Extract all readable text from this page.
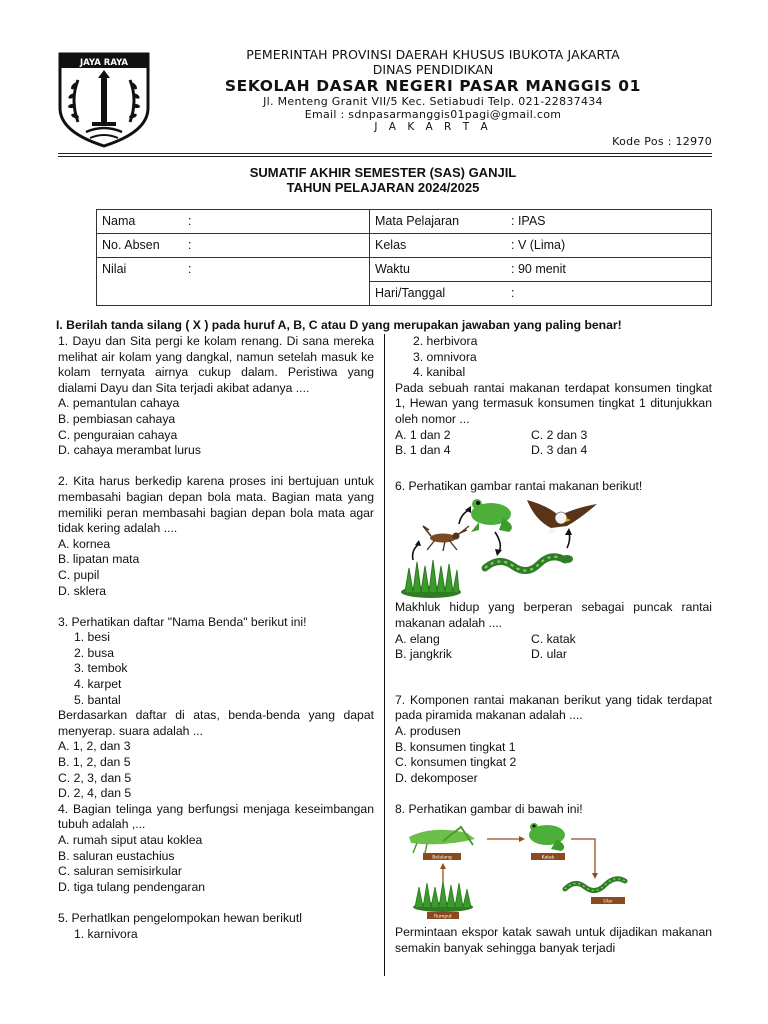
JAYA RAYA
PEMERINTAH PROVINSI DAERAH KHUSUS IBUKOTA JAKARTA
DINAS PENDIDIKAN
SEKOLAH DASAR NEGERI PASAR MANGGIS 01
Jl. Menteng Granit VII/5 Kec. Setiabudi Telp. 021-22837434
Email : sdnpasarmanggis01pagi@gmail.com
J A K A R T A
Kode Pos : 12970
SUMATIF AKHIR SEMESTER (SAS) GANJIL
TAHUN PELAJARAN 2024/2025
Nama :	Mata Pelajaran : IPAS
No. Absen :	Kelas : V (Lima)
Nilai :	Waktu : 90 menit
	Hari/Tanggal :
I. Berilah tanda silang ( X ) pada huruf A, B, C atau D yang merupakan jawaban yang paling benar!

1. Dayu dan Sita pergi ke kolam renang. Di sana mereka melihat air kolam yang dangkal, namun setelah masuk ke kolam ternyata airnya cukup dalam. Peristiwa yang dialami Dayu dan Sita terjadi akibat adanya ....

A. pemantulan cahaya

B. pembiasan cahaya

C. penguraian cahaya

D. cahaya merambat lurus

2. Kita harus berkedip karena proses ini bertujuan untuk membasahi bagian depan bola mata. Bagian mata yang memiliki peran membasahi bagian depan bola mata agar tidak kering adalah ....

A. kornea

B. lipatan mata

C. pupil

D. sklera

3. Perhatikan daftar "Nama Benda" berikut ini!

1. besi

2. busa

3. tembok

4. karpet

5. bantal

Berdasarkan daftar di atas, benda-benda yang dapat menyerap. suara adalah ...

A. 1, 2, dan 3

B. 1, 2, dan 5

C. 2, 3, dan 5

D. 2, 4, dan 5

4. Bagian telinga yang berfungsi menjaga keseimbangan tubuh adalah ,...

A. rumah siput atau koklea

B. saluran eustachius

C. saluran semisirkular

D. tiga tulang pendengaran

5. Perhatlkan pengelompokan hewan berikutl

1. karnivora

2. herbivora

3. omnivora

4. kanibal

Pada sebuah rantai makanan terdapat konsumen tingkat 1, Hewan yang termasuk konsumen tingkat 1 ditunjukkan oleh nomor ...

A. 1 dan 2	C. 2 dan 3
B. 1 dan 4	D. 3 dan 4

6. Perhatikan gambar rantai makanan berikut!

Makhluk hidup yang berperan sebagai puncak rantai makanan adalah ....

A. elang	C. katak
B. jangkrik	D. ular

7. Komponen rantai makanan berikut yang tidak terdapat pada piramida makanan adalah ....

A. produsen

B. konsumen tingkat 1

C. konsumen tingkat 2

D. dekomposer

8. Perhatikan gambar di bawah ini!

Belalang	Katak
Ular
Rumput

Permintaan ekspor katak sawah untuk dijadikan makanan semakin banyak sehingga banyak terjadi
